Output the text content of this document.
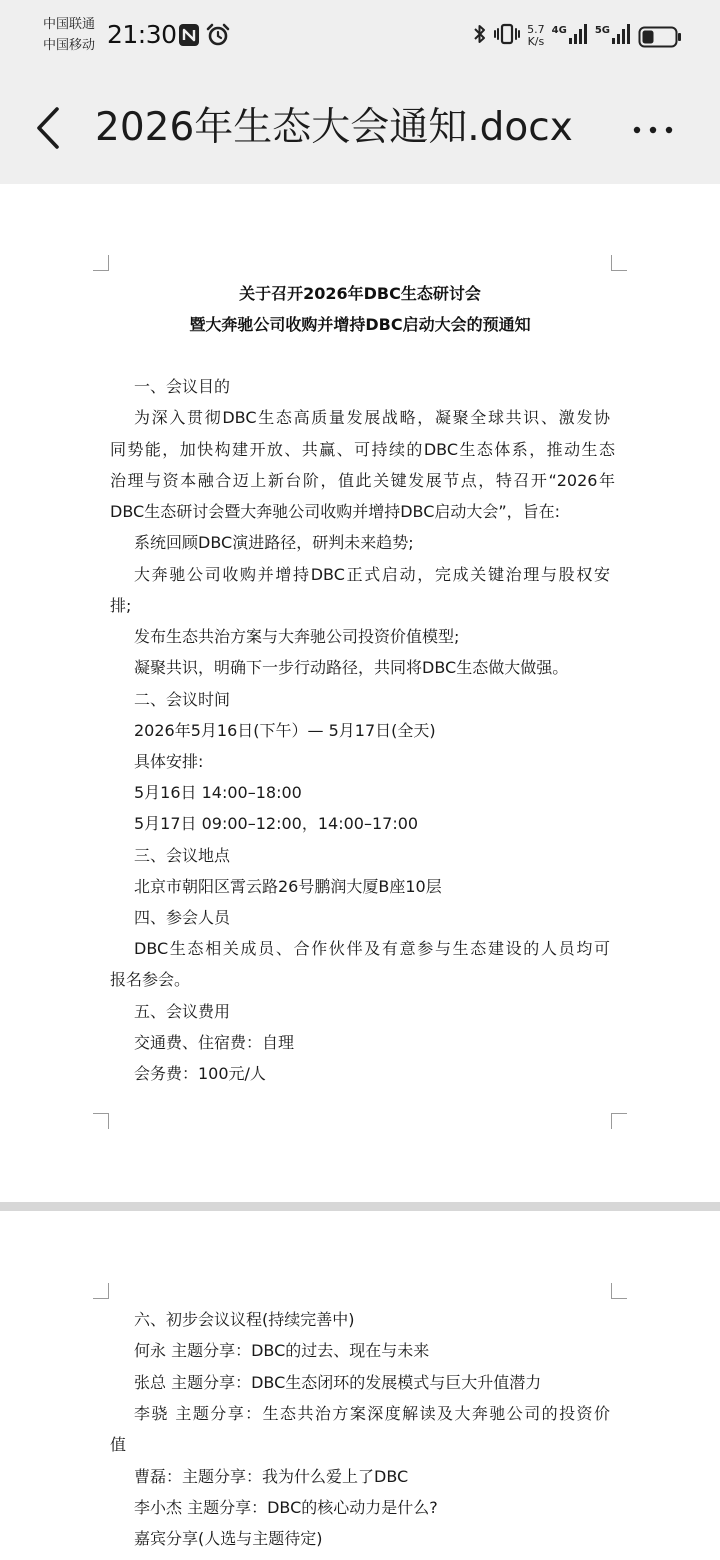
中国联通
中国移动 21:30	5.7
K/s
4G	5G
2026年生态大会通知.docx
关于召开2026年DBC生态研讨会
暨大奔驰公司收购并增持DBC启动大会的预通知
一、会议目的
为深入贯彻DBC生态高质量发展战略，凝聚全球共识、激发协
同势能，加快构建开放、共赢、可持续的DBC生态体系，推动生态
治理与资本融合迈上新台阶，值此关键发展节点，特召开“2026年
DBC生态研讨会暨大奔驰公司收购并增持DBC启动大会”，旨在:
系统回顾DBC演进路径，研判未来趋势;
大奔驰公司收购并增持DBC正式启动，完成关键治理与股权安
排;
发布生态共治方案与大奔驰公司投资价值模型;
凝聚共识，明确下一步行动路径，共同将DBC生态做大做强。
二、会议时间
2026年5月16日(下午）— 5月17日(全天)
具体安排:
5月16日 14:00–18:00
5月17日 09:00–12:00，14:00–17:00
三、会议地点
北京市朝阳区霄云路26号鹏润大厦B座10层
四、参会人员
DBC生态相关成员、合作伙伴及有意参与生态建设的人员均可
报名参会。
五、会议费用
交通费、住宿费：自理
会务费：100元/人
六、初步会议议程(持续完善中)
何永 主题分享：DBC的过去、现在与未来
张总 主题分享：DBC生态闭环的发展模式与巨大升值潜力
李骁 主题分享：生态共治方案深度解读及大奔驰公司的投资价
值
曹磊：主题分享：我为什么爱上了DBC
李小杰 主题分享：DBC的核心动力是什么?
嘉宾分享(人选与主题待定)
